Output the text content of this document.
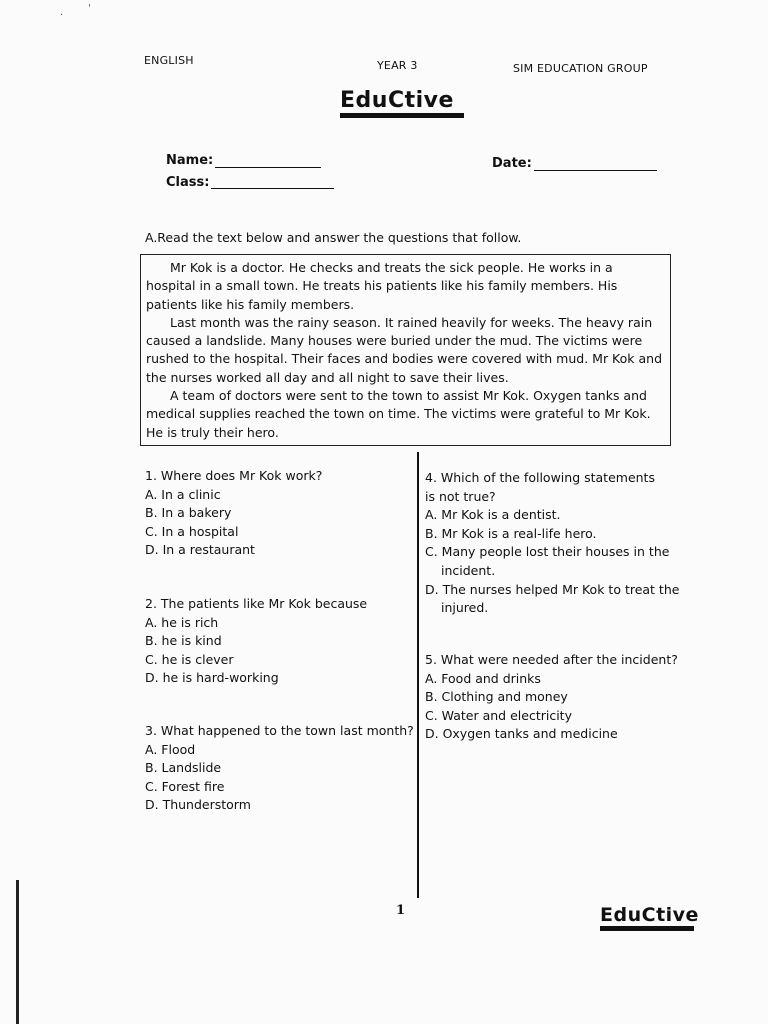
·
'
ENGLISH	YEAR 3	SIM EDUCATION GROUP
EduCtive
Name:
Class:
Date:
A.Read the text below and answer the questions that follow.

Mr Kok is a doctor. He checks and treats the sick people. He works in a hospital in a small town. He treats his patients like his family members. His patients like his family members.

Last month was the rainy season. It rained heavily for weeks. The heavy rain caused a landslide. Many houses were buried under the mud. The victims were rushed to the hospital. Their faces and bodies were covered with mud. Mr Kok and the nurses worked all day and all night to save their lives.

A team of doctors were sent to the town to assist Mr Kok. Oxygen tanks and medical supplies reached the town on time. The victims were grateful to Mr Kok. He is truly their hero.

1. Where does Mr Kok work?
A. In a clinic
B. In a bakery
C. In a hospital
D. In a restaurant
2. The patients like Mr Kok because
A. he is rich
B. he is kind
C. he is clever
D. he is hard-working
3. What happened to the town last month?
A. Flood
B. Landslide
C. Forest fire
D. Thunderstorm
4. Which of the following statements
is not true?
A. Mr Kok is a dentist.
B. Mr Kok is a real-life hero.
C. Many people lost their houses in the incident.
D. The nurses helped Mr Kok to treat the injured.
5. What were needed after the incident?
A. Food and drinks
B. Clothing and money
C. Water and electricity
D. Oxygen tanks and medicine
1	EduCtive
